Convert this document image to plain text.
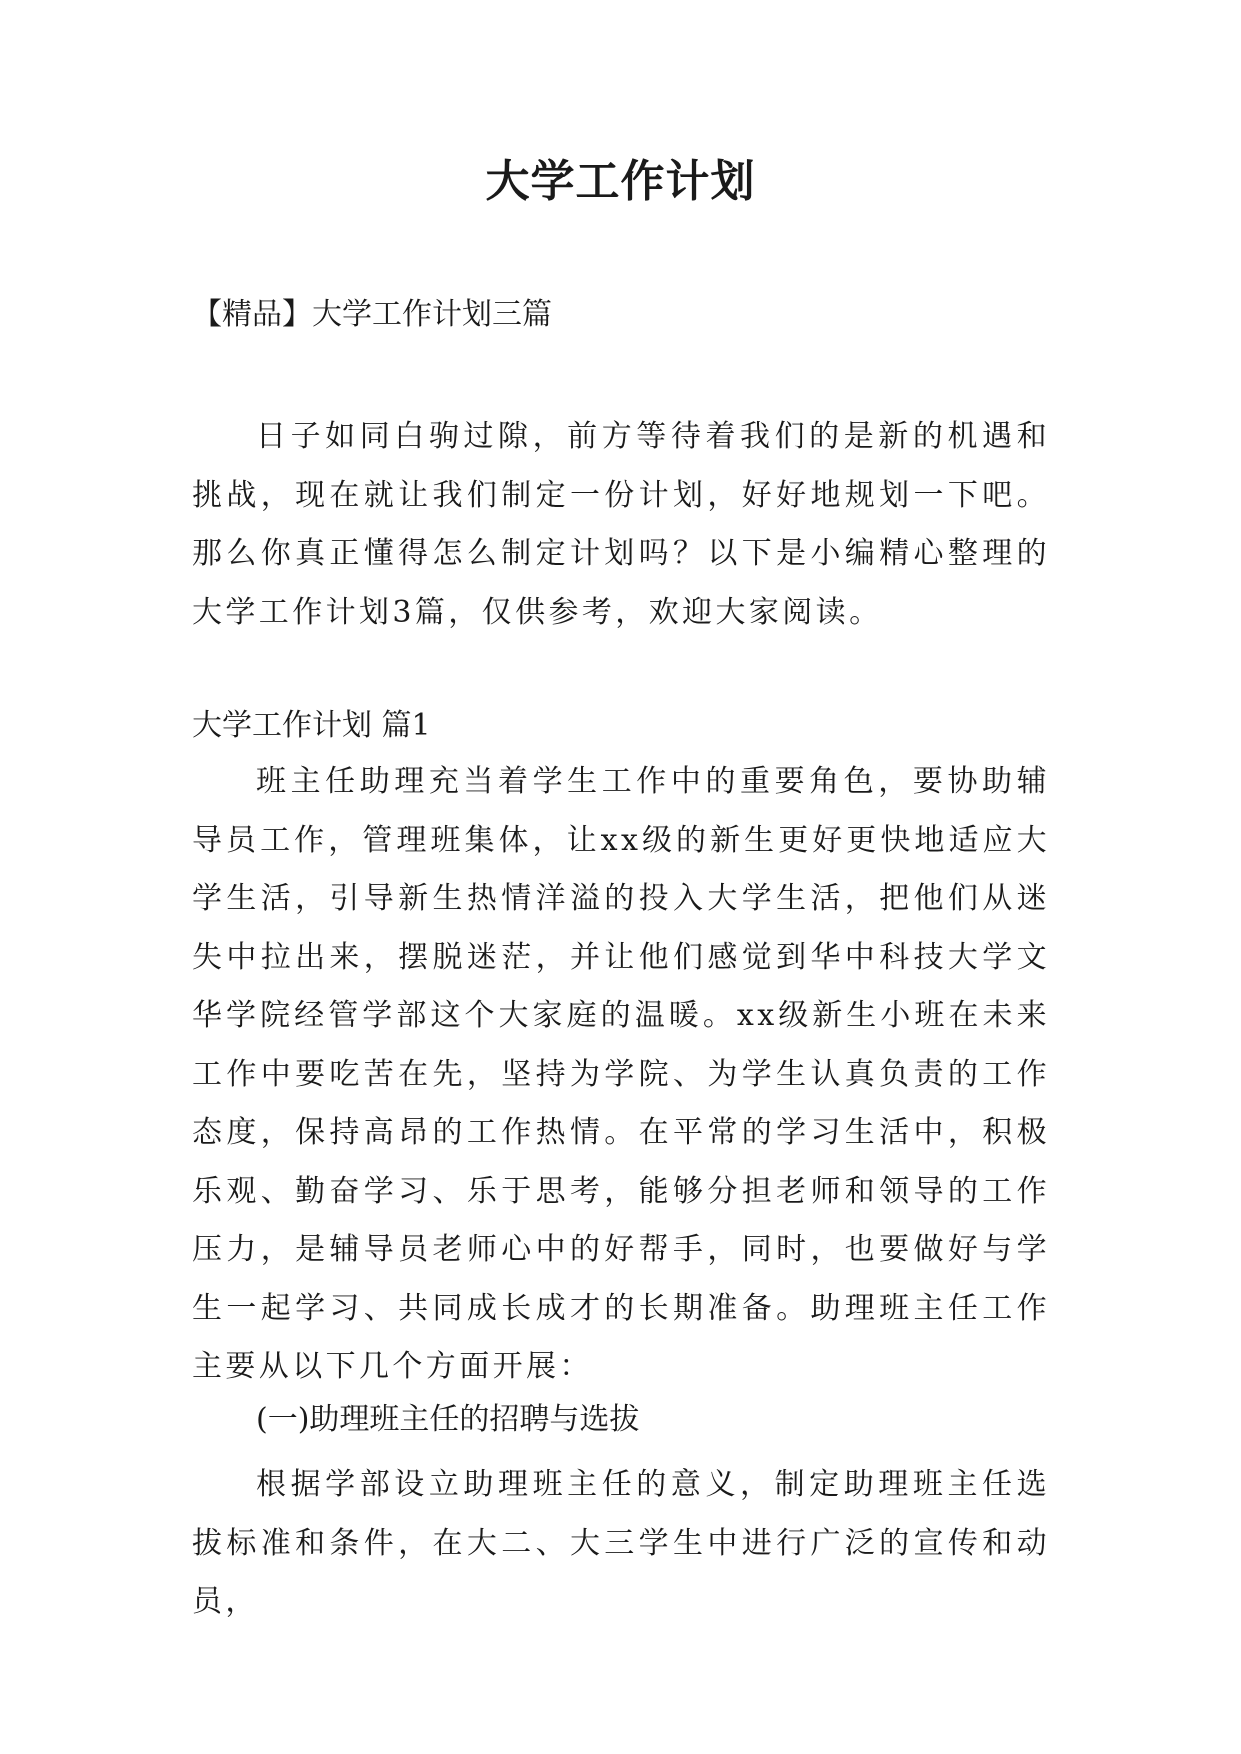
大学工作计划

【精品】大学工作计划三篇

日子如同白驹过隙，前方等待着我们的是新的机遇和挑战，现在就让我们制定一份计划，好好地规划一下吧。那么你真正懂得怎么制定计划吗？以下是小编精心整理的大学工作计划3篇，仅供参考，欢迎大家阅读。

大学工作计划 篇1

班主任助理充当着学生工作中的重要角色，要协助辅导员工作，管理班集体，让xx级的新生更好更快地适应大学生活，引导新生热情洋溢的投入大学生活，把他们从迷失中拉出来，摆脱迷茫，并让他们感觉到华中科技大学文华学院经管学部这个大家庭的温暖。xx级新生小班在未来工作中要吃苦在先，坚持为学院、为学生认真负责的工作态度，保持高昂的工作热情。在平常的学习生活中，积极乐观、勤奋学习、乐于思考，能够分担老师和领导的工作压力，是辅导员老师心中的好帮手，同时，也要做好与学生一起学习、共同成长成才的长期准备。助理班主任工作主要从以下几个方面开展：

(一)助理班主任的招聘与选拔

根据学部设立助理班主任的意义，制定助理班主任选拔标准和条件，在大二、大三学生中进行广泛的宣传和动员，
